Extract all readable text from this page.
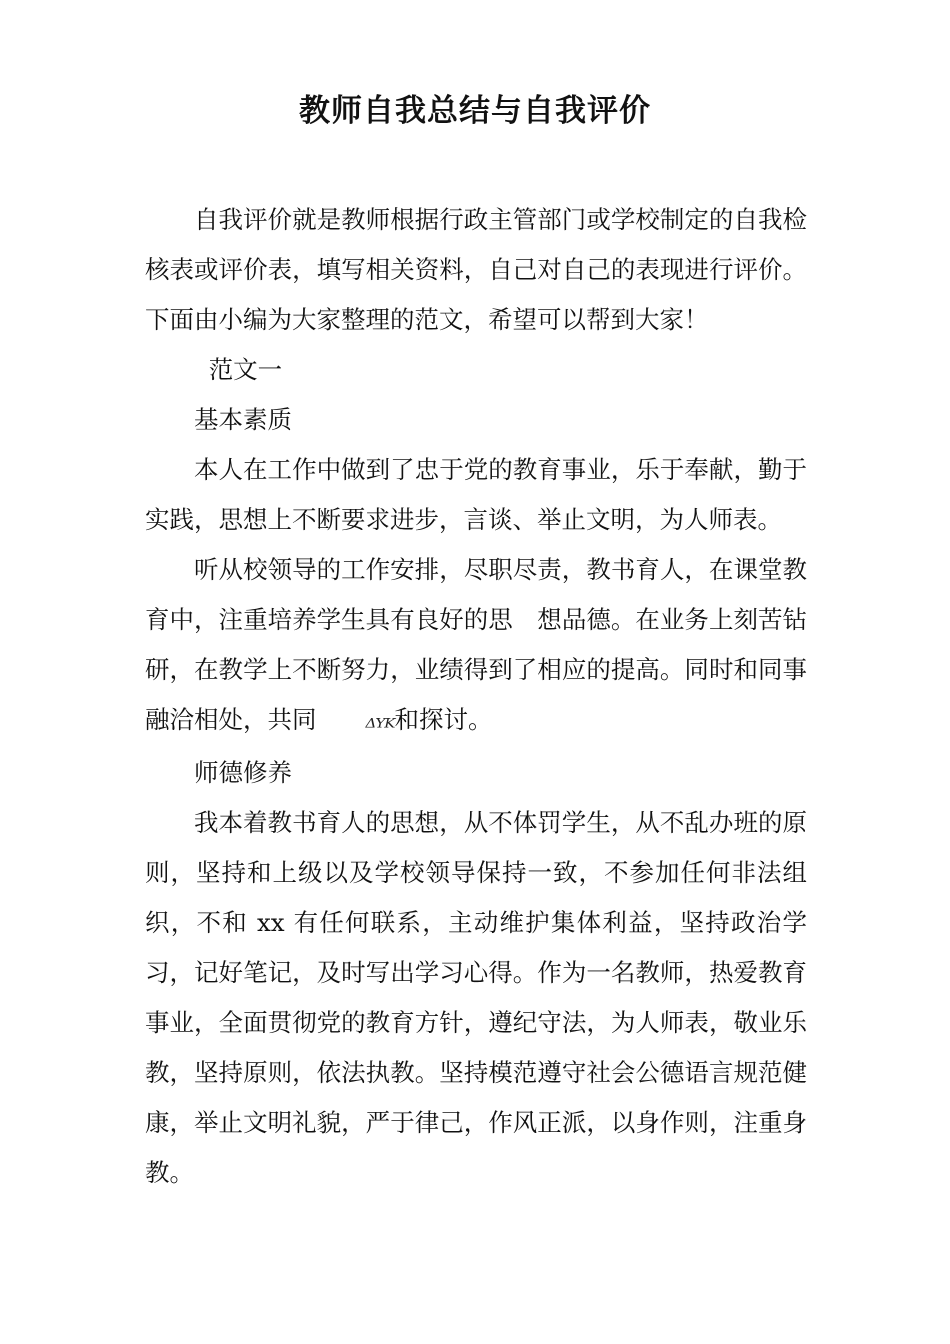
教师自我总结与自我评价

自我评价就是教师根据行政主管部门或学校制定的自我检核表或评价表，填写相关资料，自己对自己的表现进行评价。下面由小编为大家整理的范文，希望可以帮到大家！

范文一

基本素质

本人在工作中做到了忠于党的教育事业，乐于奉献，勤于实践，思想上不断要求进步，言谈、举止文明，为人师表。

听从校领导的工作安排，尽职尽责，教书育人，在课堂教育中，注重培养学生具有良好的思　想品德。在业务上刻苦钻研，在教学上不断努力，业绩得到了相应的提高。同时和同事融洽相处，共同	ΔΥΚ和探讨。

师德修养

我本着教书育人的思想，从不体罚学生，从不乱办班的原则，坚持和上级以及学校领导保持一致，不参加任何非法组织，不和 xx 有任何联系，主动维护集体利益，坚持政治学习，记好笔记，及时写出学习心得。作为一名教师，热爱教育事业，全面贯彻党的教育方针，遵纪守法，为人师表，敬业乐教，坚持原则，依法执教。坚持模范遵守社会公德语言规范健康，举止文明礼貌，严于律己，作风正派，以身作则，注重身教。
